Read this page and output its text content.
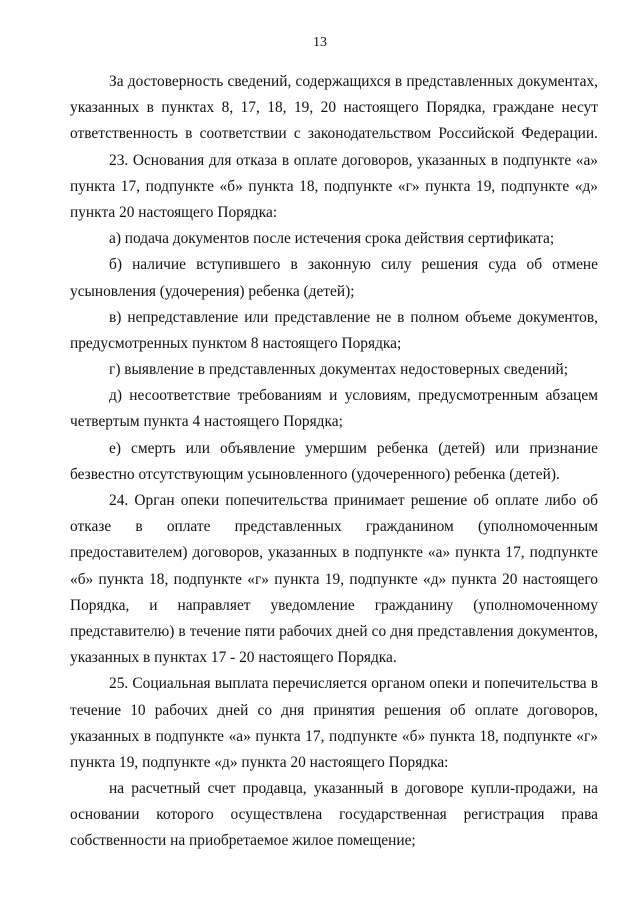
13
За достоверность сведений, содержащихся в представленных документах,
указанных в пунктах 8, 17, 18, 19, 20 настоящего Порядка, граждане несут
ответственность в соответствии с законодательством Российской Федерации.
23. Основания для отказа в оплате договоров, указанных в подпункте «а»
пункта 17, подпункте «б» пункта 18, подпункте «г» пункта 19, подпункте «д»
пункта 20 настоящего Порядка:
а) подача документов после истечения срока действия сертификата;
б) наличие вступившего в законную силу решения суда об отмене
усыновления (удочерения) ребенка (детей);
в) непредставление или представление не в полном объеме документов,
предусмотренных пунктом 8 настоящего Порядка;
г) выявление в представленных документах недостоверных сведений;
д) несоответствие требованиям и условиям, предусмотренным абзацем
четвертым пункта 4 настоящего Порядка;
е) смерть или объявление умершим ребенка (детей) или признание
безвестно отсутствующим усыновленного (удочеренного) ребенка (детей).
24. Орган опеки попечительства принимает решение об оплате либо об
отказе в оплате представленных гражданином (уполномоченным
предоставителем) договоров, указанных в подпункте «а» пункта 17, подпункте
«б» пункта 18, подпункте «г» пункта 19, подпункте «д» пункта 20 настоящего
Порядка, и направляет уведомление гражданину (уполномоченному
представителю) в течение пяти рабочих дней со дня представления документов,
указанных в пунктах 17 - 20 настоящего Порядка.
25. Социальная выплата перечисляется органом опеки и попечительства в
течение 10 рабочих дней со дня принятия решения об оплате договоров,
указанных в подпункте «а» пункта 17, подпункте «б» пункта 18, подпункте «г»
пункта 19, подпункте «д» пункта 20 настоящего Порядка:
на расчетный счет продавца, указанный в договоре купли-продажи, на
основании которого осуществлена государственная регистрация права
собственности на приобретаемое жилое помещение;
